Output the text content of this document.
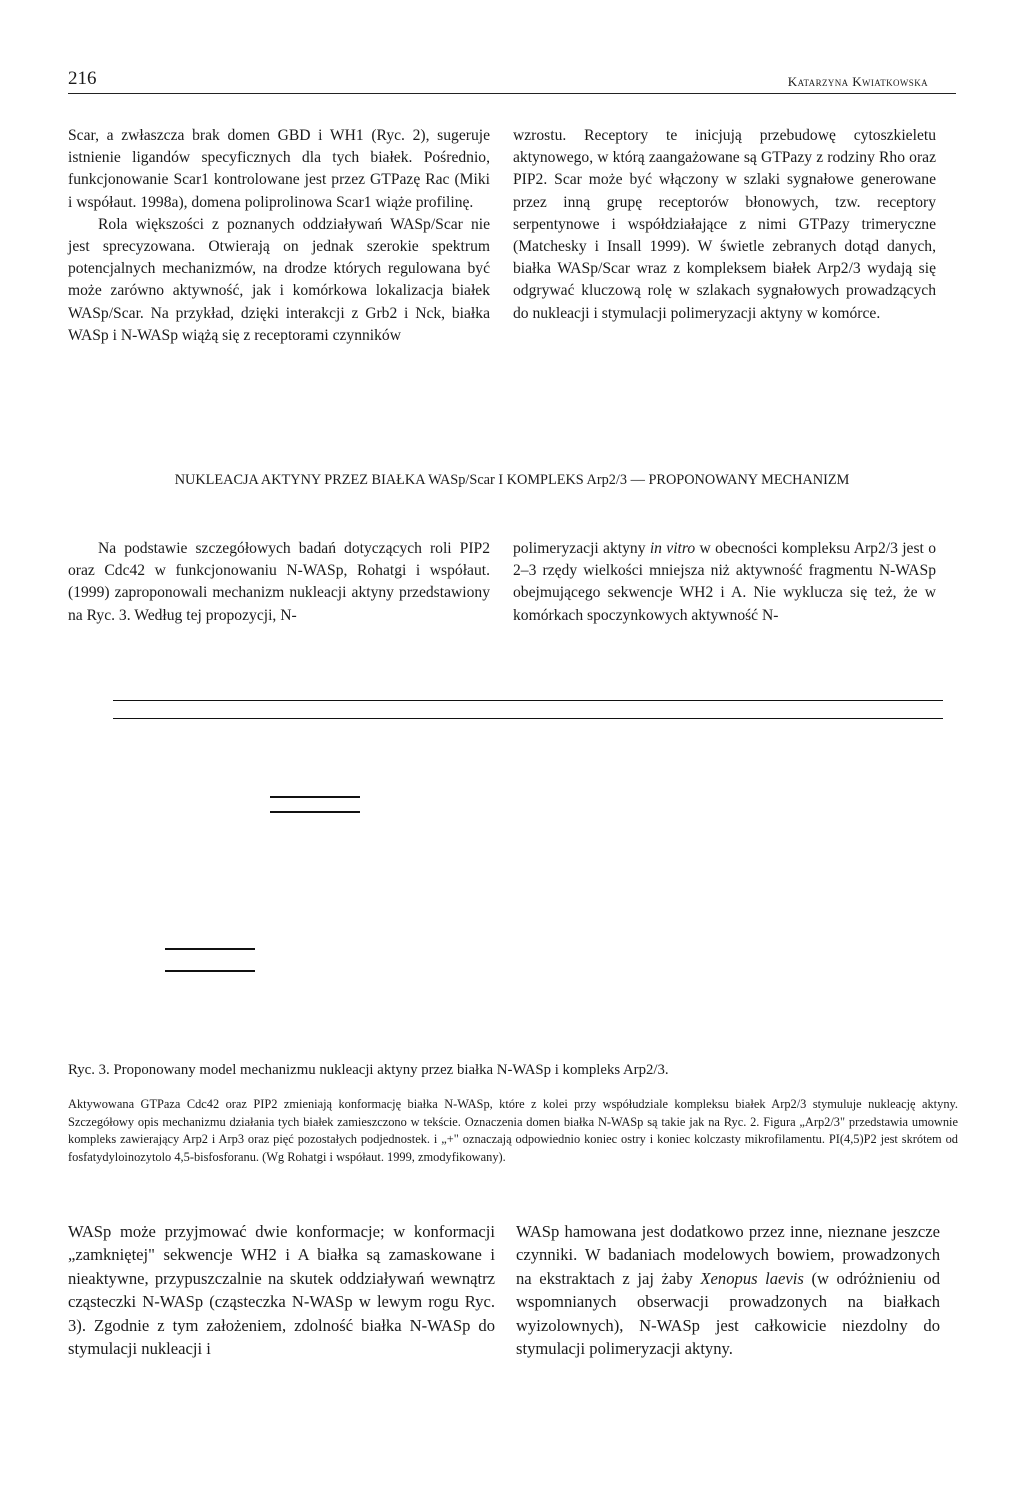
216	Katarzyna Kwiatkowska

Scar, a zwłaszcza brak domen GBD i WH1 (Ryc. 2), sugeruje istnienie ligandów specyficznych dla tych białek. Pośrednio, funkcjonowanie Scar1 kontrolowane jest przez GTPazę Rac (Miki i współaut. 1998a), domena poliprolinowa Scar1 wiąże profilinę.

Rola większości z poznanych oddziaływań WASp/Scar nie jest sprecyzowana. Otwierają on jednak szerokie spektrum potencjalnych mechanizmów, na drodze których regulowana być może zarówno aktywność, jak i komórkowa lokalizacja białek WASp/Scar. Na przykład, dzięki interakcji z Grb2 i Nck, białka WASp i N-WASp wiążą się z receptorami czynników

wzrostu. Receptory te inicjują przebudowę cytoszkieletu aktynowego, w którą zaangażowane są GTPazy z rodziny Rho oraz PIP2. Scar może być włączony w szlaki sygnałowe generowane przez inną grupę receptorów błonowych, tzw. receptory serpentynowe i współdziałające z nimi GTPazy trimeryczne (Matchesky i Insall 1999). W świetle zebranych dotąd danych, białka WASp/Scar wraz z kompleksem białek Arp2/3 wydają się odgrywać kluczową rolę w szlakach sygnałowych prowadzących do nukleacji i stymulacji polimeryzacji aktyny w komórce.

NUKLEACJA AKTYNY PRZEZ BIAŁKA WASp/Scar I KOMPLEKS Arp2/3 — PROPONOWANY MECHANIZM

Na podstawie szczegółowych badań dotyczących roli PIP2 oraz Cdc42 w funkcjonowaniu N-WASp, Rohatgi i współaut. (1999) zaproponowali mechanizm nukleacji aktyny przedstawiony na Ryc. 3. Według tej propozycji, N-

polimeryzacji aktyny in vitro w obecności kompleksu Arp2/3 jest o 2–3 rzędy wielkości mniejsza niż aktywność fragmentu N-WASp obejmującego sekwencje WH2 i A. Nie wyklucza się też, że w komórkach spoczynkowych aktywność N-

Ryc. 3. Proponowany model mechanizmu nukleacji aktyny przez białka N-WASp i kompleks Arp2/3.

Aktywowana GTPaza Cdc42 oraz PIP2 zmieniają konformację białka N-WASp, które z kolei przy współudziale kompleksu białek Arp2/3 stymuluje nukleację aktyny. Szczegółowy opis mechanizmu działania tych białek zamieszczono w tekście. Oznaczenia domen białka N-WASp są takie jak na Ryc. 2. Figura „Arp2/3" przedstawia umownie kompleks zawierający Arp2 i Arp3 oraz pięć pozostałych podjednostek. i „+" oznaczają odpowiednio koniec ostry i koniec kolczasty mikrofilamentu. PI(4,5)P2 jest skrótem od fosfatydyloinozytolo 4,5-bisfosforanu. (Wg Rohatgi i współaut. 1999, zmodyfikowany).

WASp może przyjmować dwie konformacje; w konformacji „zamkniętej" sekwencje WH2 i A białka są zamaskowane i nieaktywne, przypuszczalnie na skutek oddziaływań wewnątrz cząsteczki N-WASp (cząsteczka N-WASp w lewym rogu Ryc. 3). Zgodnie z tym założeniem, zdolność białka N-WASp do stymulacji nukleacji i

WASp hamowana jest dodatkowo przez inne, nieznane jeszcze czynniki. W badaniach modelowych bowiem, prowadzonych na ekstraktach z jaj żaby Xenopus laevis (w odróżnieniu od wspomnianych obserwacji prowadzonych na białkach wyizolownych), N-WASp jest całkowicie niezdolny do stymulacji polimeryzacji aktyny.
